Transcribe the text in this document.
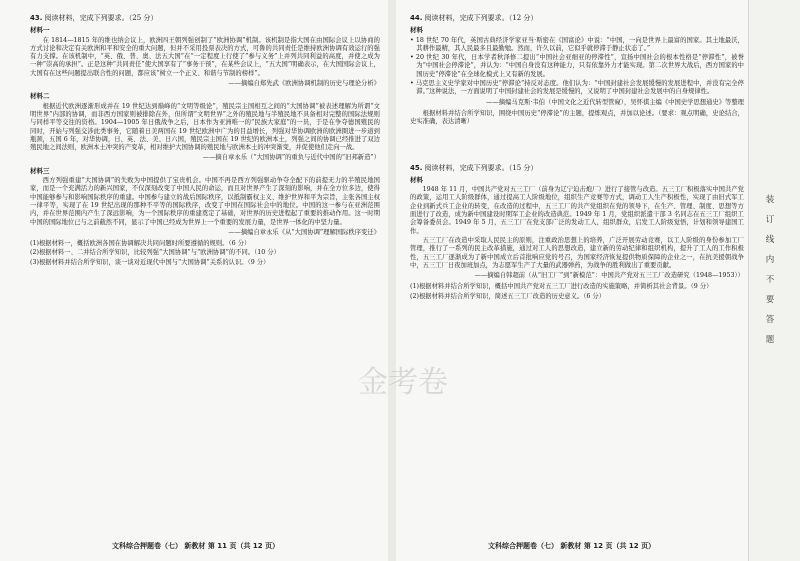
43. 阅读材料，完成下列要求。（25 分）
材料一

在 1814—1815 年的维也纳会议上，欧洲四王朝列强创制了“欧洲协调”机制。该机制是指大国在由国际会议上以协商的方式讨论和决定有关欧洲和平和安全的重大问题，但并不采用投票表决的方式，可鲁的共同责任是维持欧洲协调有效运行的强有力支撑。在该机制中，“英、俄、普、奥、法五大国”在“一定程度上行使了”参与义务”上并列共同利益的高度，并使之成为一种“崇高的承担”。正是这种“共同责任”使大国享有了“事务干预”，在某些会议上，“五大国”明确表示，在大国国际会议上，大国有在这些问题提出联合性的问题，都应该“树立一个正义、和谐与节制的榜样”。

——摘编自郑先武《欧洲协调机制的历史与理论分析》
材料二

根据近代欧洲逐渐形成并在 19 世纪达到巅峰的“文明等级论”，殖民宗主国相互之间的“大国协调”被表述理解为所谓“文明世界”内部的协调，而非西方国家则被排除在外，但所谓“文明世界”之外的殖民地与半殖民地不具备相对完整的国际法规则与同样平等交往的资格。1904—1905 年日俄战争之后，日本作为亚洲唯一的“民族大家庭”的一员，于是在争夺德国殖民的同时，开始与列强交涉此类事务，它随着日美两国在 19 世纪欧洲中广为的目益增长，列强对华协调欧洲的欧洲圈进一步道到瓶颈，五国 6 年，对华协调，日、英、法、美、日六国，殖民宗主国在 19 世纪的欧洲本土，列强之间的协调已经推进了双边殖民地之间法则，欧洲本土冲突的产变革，相对维护大国协调的殖民地与欧洲本土的冲突渐变，并促使他们走向一战。

——摘自章永乐（“大国协调”的重负与近代中国的“旧邦新造”）
材料三

西方列强重建“大国协调”的失败为中国提供了宝贵机会。中国不再是西方列强驱动争夺全配下的前提无力的半殖民地国家，而是一个充满活力的新兴国家，不仅深刻改变了中国人民的命运，而且对世界产生了深刻的影响，并在全方位多边，使得中国能够参与和影响国际秩序的重建。中国参与建立的战后国际秩序，以抵制霸权主义、维护世界和平为宗旨，主张各国主权一律平等，实现了在 19 世纪出现的那种不平等的国际秩序，改变了中国在国际社会中的地位。中国的这一参与在亚洲范围内，并在世界范围内产生了深远影响，为一个国际秩序的重建奠定了基础，对世界的历史进程起了重要的推动作用。这一时期中国的国际地位已与之前截然不同，显示了中国已经成为世界上一个重要的发展力量，是世界一体化的中坚力量。

——摘编自章永乐《从“大国协调”理解国际秩序变迁》
(1)根据材料一，概括欧洲各国在协调解决共同问题时所要遵循的规则。（6 分）
(2)根据材料一、二并结合所学知识，比较列强“大国协调”与“欧洲协调”的不同。（10 分）
(3)根据材料并结合所学知识，谈一谈对近现代中国与“大国协调”关系的认识。（9 分）
文科综合押题卷（七） 新教材 第 11 页（共 12 页）
44. 阅读材料，完成下列要求。（12 分）
材料
• 18 世纪 70 年代，英国古典经济学家亚当·斯密在《国富论》中说：“中国，一向是世界上最富的国家。其土地最沃，其耕作最精，其人民最多且最勤勉。然而，许久以前，它似乎就停滞于静止状态了。”
• 20 世纪 30 年代，日本学者秋泽修二提出“中国社会亚细亚的停滞性”，宣扬中国社会的根本性格是“停滞性”，被誉为“中国社会停滞论”，并认为：“中国自身没有这种能力，只有依靠外力才能实现。第二次世界大战后，西方国家的中国历史“停滞论”在全球化模式上又有新的发展。
• 马克思主义史学家对中国历史“停滞论”持反对态度。他们认为：“中国封建社会发展缓慢的发展进程中，并没有完全停滞。”这种说法，一方面说明了中国封建社会的发展是缓慢的，又说明了中国封建社会发展中的自身规律性。
——摘编马克斯·韦伯（中国文化之近代转型管窥），吴怀祺主编《中国史学思想通史》等整理

根据材料并结合所学知识，围绕中国历史“停滞论”的主题，提炼观点，并加以论述。（要求：观点明确，史论结合，史实准确，表达清晰）

45. 阅读材料，完成下列要求。（15 分）
材料

1948 年 11 月，中国共产党对五三工厂（前身为辽宁迫击炮厂）进行了接管与改造。五三工厂积极落实中国共产党的政策，运用工人阶级群体，通过提高工人阶级地位，组织生产竞赛等方式，调动工人生产积极性，实现了由旧式军工企业到新式兵工企业的转变，在改造的过程中，五三工厂的共产党组织在党的领导下，在生产、管理、制度、思想等方面进行了改造，成为新中国建设时期军工企业的改造典范。1949 年 1 月，党组织派遣干部 3 名同志在五三工厂组织工会筹备委员会。1949 年 5 月，五三工厂在党支部广泛的发动工人，组织群众，启发工人阶级觉悟，计划和领导建国工作。

五三工厂在改造中采取人民民主的原则，注重政治思想上的培养，广泛开展劳动竞赛，以工人阶级的身份参加工厂管理，推行了一系列的民主改革措施，通过对工人的思想改造，建立新的劳动纪律和组织机构，提升了工人的工作积极性，五三工厂逐渐成为了新中国成立后首批响应党的号召，为国家经济恢复提供物质保障的企业之一，在抗美援朝战争中，五三工厂日夜加班加点，为志愿军生产了大量的武器弹药，为战争的胜利做出了重要贡献。

——摘编自韩超前（从“旧工厂”到“新模范”：中国共产党对五三工厂改造研究（1948—1953））
(1)根据材料并结合所学知识，概括中国共产党对五三工厂进行改造的实施策略，并简析其社会背景。（9 分）
(2)根据材料并结合所学知识，简述五三工厂改造的历史意义。（6 分）
文科综合押题卷（七） 新教材 第 12 页（共 12 页）
装
订
线
内
不
要
答
题
金考卷
